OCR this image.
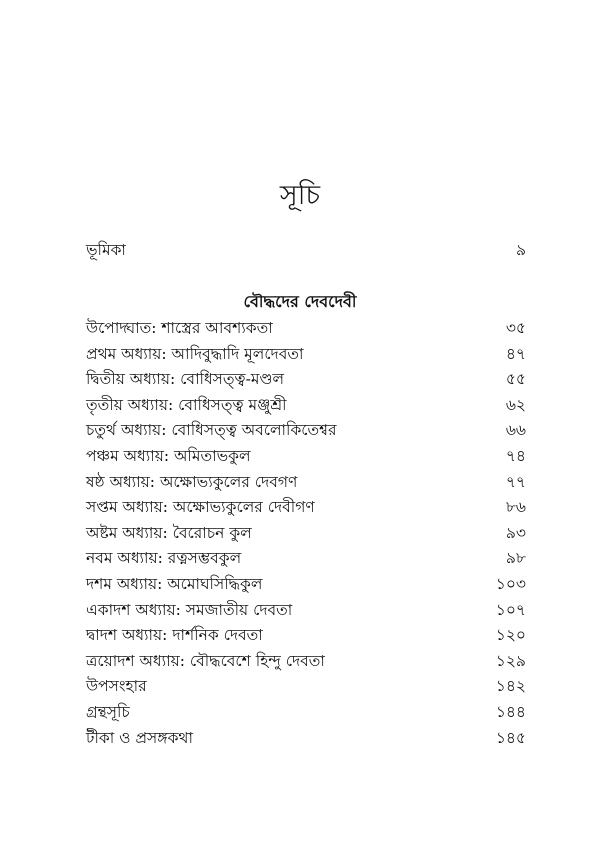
সূচি
ভূমিকা	৯
বৌদ্ধদের দেবদেবী
উপোদ্ঘাত: শাস্ত্রের আবশ্যকতা	৩৫
প্রথম অধ্যায়: আদিবুদ্ধাদি মূলদেবতা	৪৭
দ্বিতীয় অধ্যায়: বোধিসত্ত্ব-মণ্ডল	৫৫
তৃতীয় অধ্যায়: বোধিসত্ত্ব মঞ্জুশ্রী	৬২
চতুর্থ অধ্যায়: বোধিসত্ত্ব অবলোকিতেশ্বর	৬৬
পঞ্চম অধ্যায়: অমিতাভকুল	৭৪
ষষ্ঠ অধ্যায়: অক্ষোভ্যকুলের দেবগণ	৭৭
সপ্তম অধ্যায়: অক্ষোভ্যকুলের দেবীগণ	৮৬
অষ্টম অধ্যায়: বৈরোচন কুল	৯৩
নবম অধ্যায়: রত্নসম্ভবকুল	৯৮
দশম অধ্যায়: অমোঘসিদ্ধিকুল	১০৩
একাদশ অধ্যায়: সমজাতীয় দেবতা	১০৭
দ্বাদশ অধ্যায়: দার্শনিক দেবতা	১২০
ত্রয়োদশ অধ্যায়: বৌদ্ধবেশে হিন্দু দেবতা	১২৯
উপসংহার	১৪২
গ্রন্থসূচি	১৪৪
টীকা ও প্রসঙ্গকথা	১৪৫
